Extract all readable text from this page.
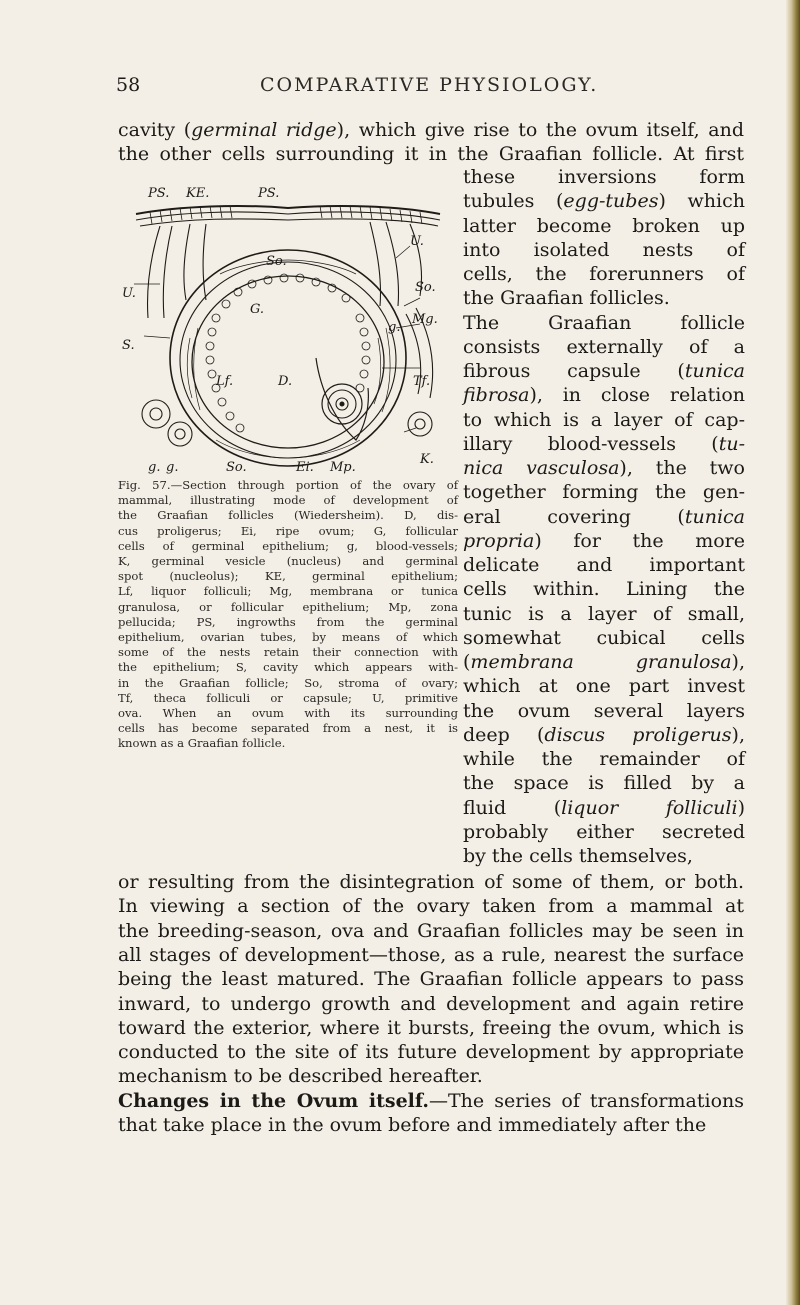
58	COMPARATIVE PHYSIOLOGY.
cavity (germinal ridge), which give rise to the ovum itself, and
the other cells surrounding it in the Graafian follicle. At first
PS. KE.	PS.
U.
U.	So.
So.
G.
g.
Mg.
S.
Lf.	D.	Tf.
g. g.	So.	Ei. Mp.
K.
Fig. 57.—Section through portion of the ovary of
mammal, illustrating mode of development of
the Graafian follicles (Wiedersheim). D, dis-
cus proligerus; Ei, ripe ovum; G, follicular
cells of germinal epithelium; g, blood-vessels;
K, germinal vesicle (nucleus) and germinal
spot (nucleolus); KE, germinal epithelium;
Lf, liquor folliculi; Mg, membrana or tunica
granulosa, or follicular epithelium; Mp, zona
pellucida; PS, ingrowths from the germinal
epithelium, ovarian tubes, by means of which
some of the nests retain their connection with
the epithelium; S, cavity which appears with-
in the Graafian follicle; So, stroma of ovary;
Tf, theca folliculi or capsule; U, primitive
ova. When an ovum with its surrounding
cells has become separated from a nest, it is
known as a Graafian follicle.
these inversions form
tubules (egg-tubes) which
latter become broken up
into isolated nests of
cells, the forerunners of
the Graafian follicles.
The Graafian follicle
consists externally of a
fibrous capsule (tunica
fibrosa), in close relation
to which is a layer of cap-
illary blood-vessels (tu-
nica vasculosa), the two
together forming the gen-
eral covering (tunica
propria) for the more
delicate and important
cells within. Lining the
tunic is a layer of small,
somewhat cubical cells
(membrana granulosa),
which at one part invest
the ovum several layers
deep (discus proligerus),
while the remainder of
the space is filled by a
fluid (liquor folliculi)
probably either secreted
by the cells themselves,
or resulting from the disintegration of some of them, or both.
In viewing a section of the ovary taken from a mammal at
the breeding-season, ova and Graafian follicles may be seen in
all stages of development—those, as a rule, nearest the surface
being the least matured. The Graafian follicle appears to pass
inward, to undergo growth and development and again retire
toward the exterior, where it bursts, freeing the ovum, which is
conducted to the site of its future development by appropriate
mechanism to be described hereafter.
Changes in the Ovum itself.—The series of transformations
that take place in the ovum before and immediately after the
